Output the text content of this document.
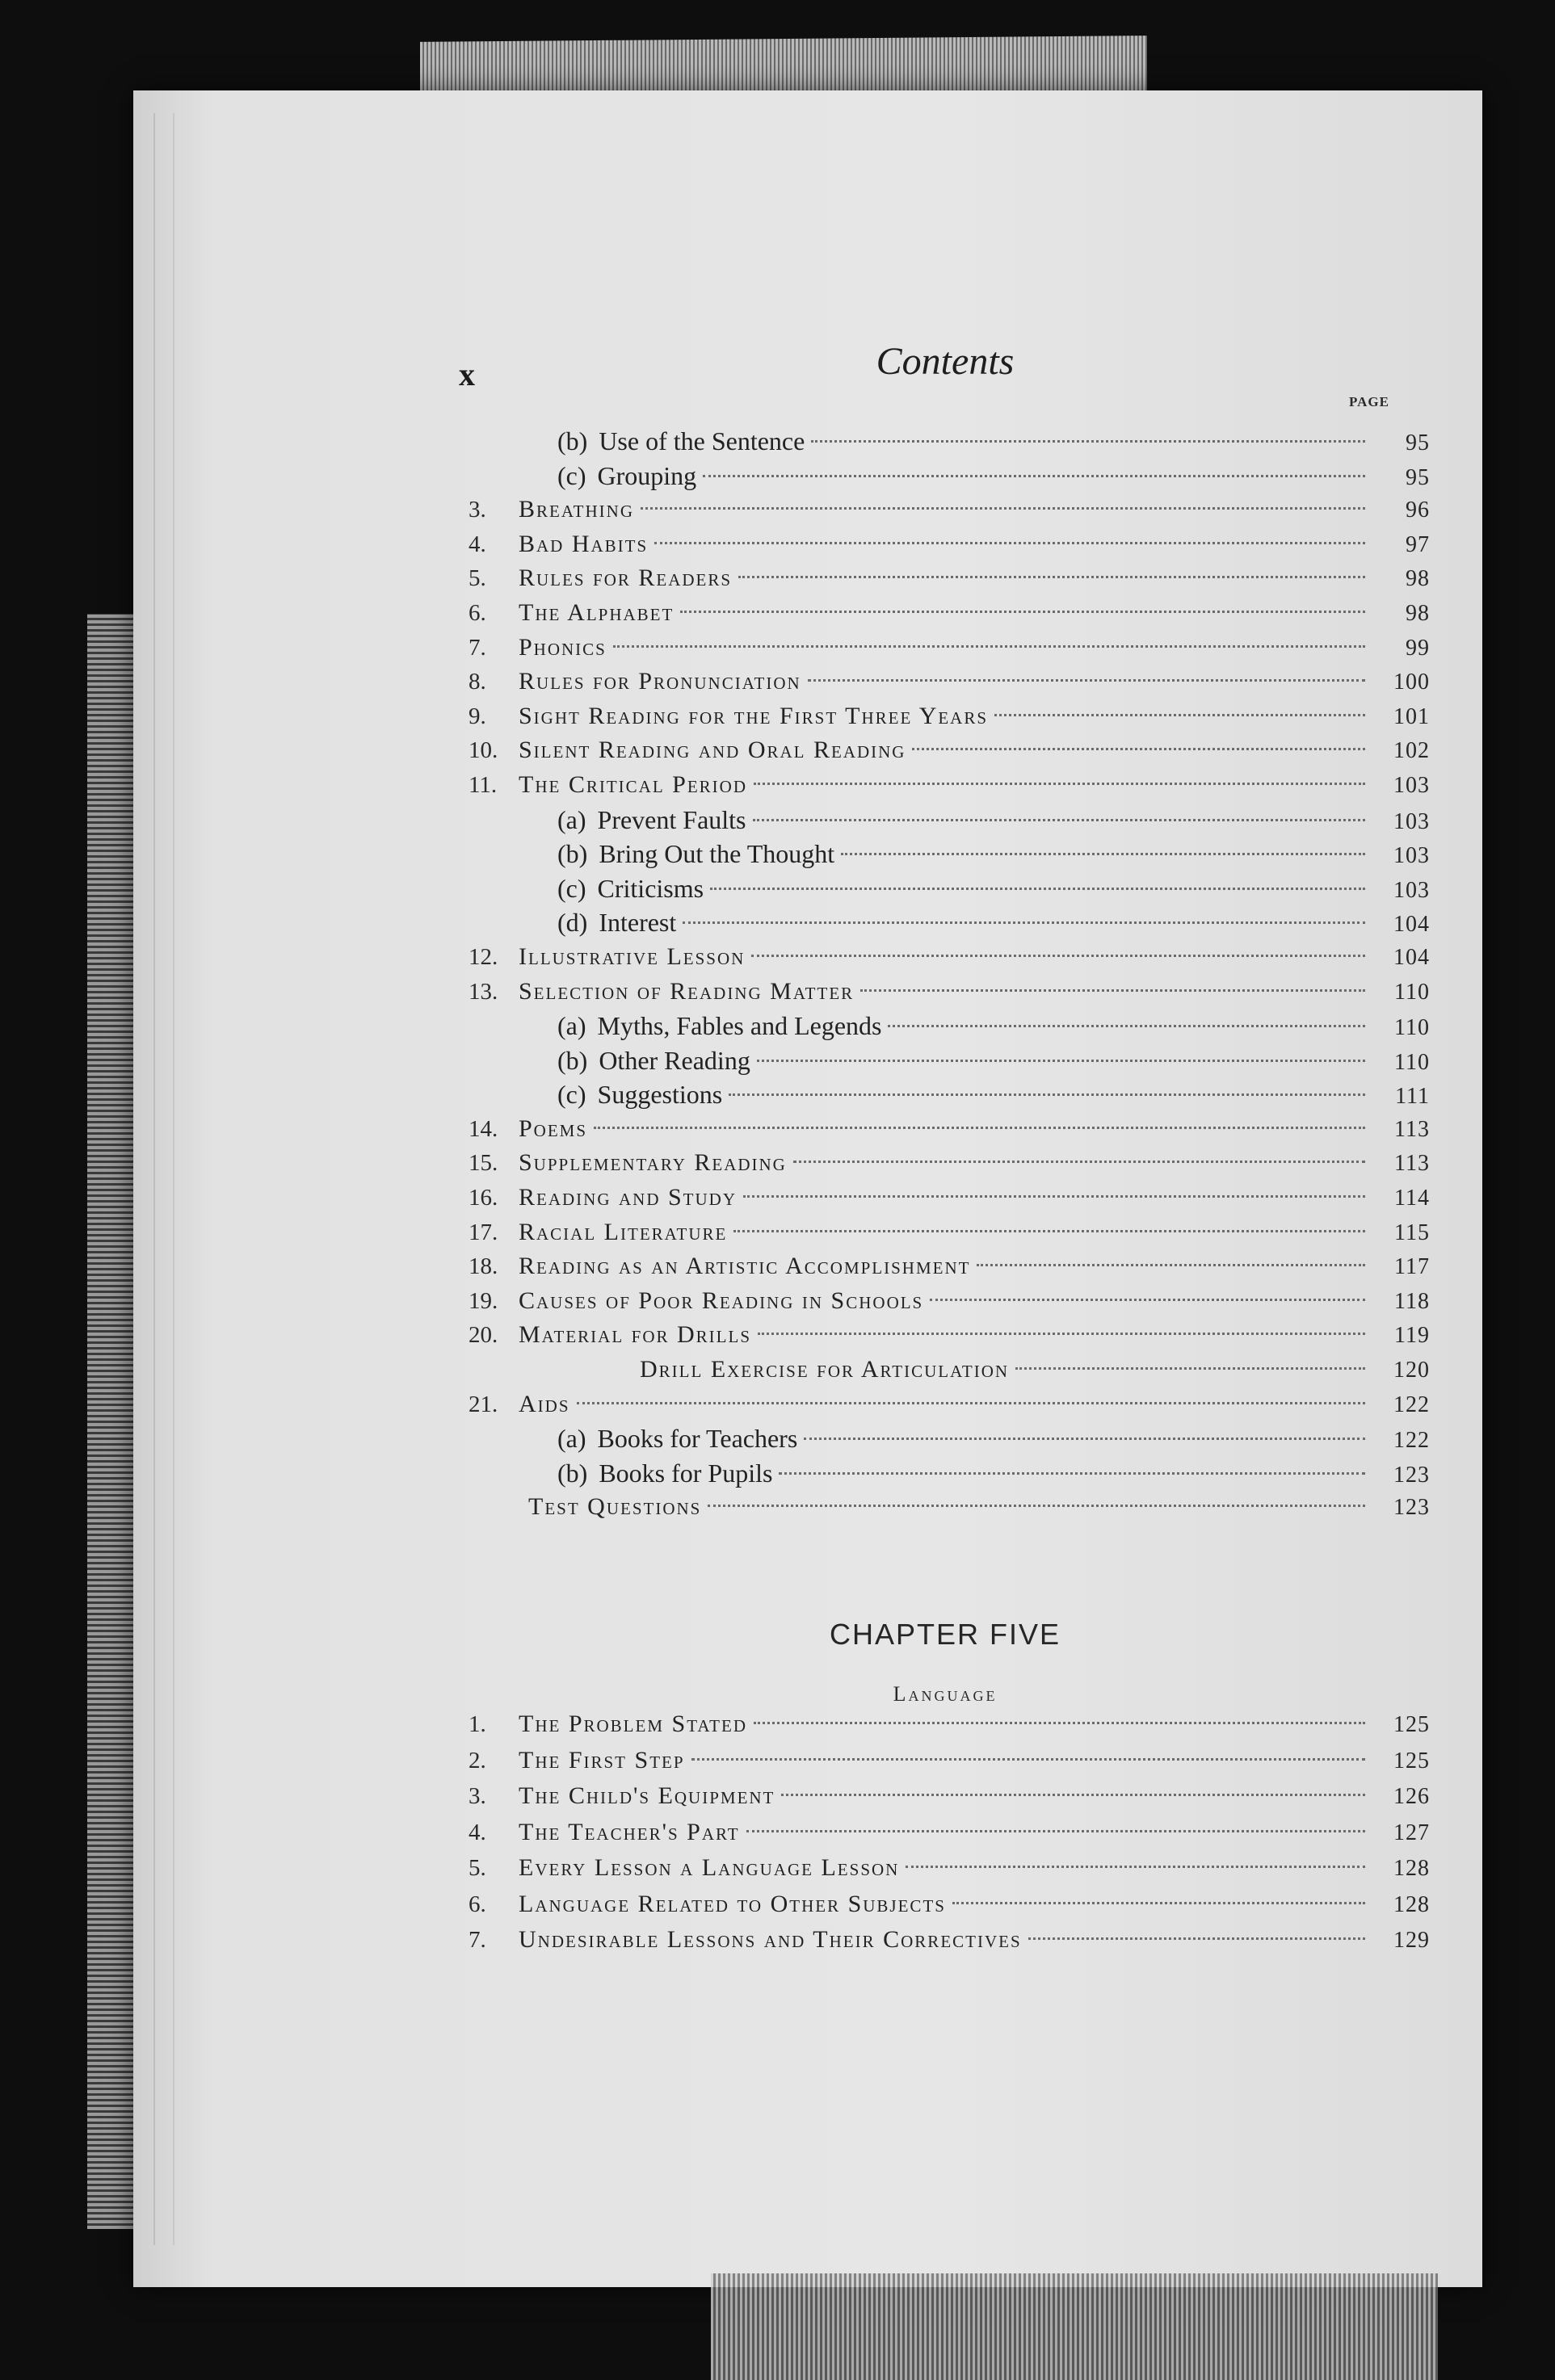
x	Contents
PAGE
(b) Use of the Sentence	95
(c) Grouping	95
3.	Breathing	96
4.	Bad Habits	97
5.	Rules for Readers	98
6.	The Alphabet	98
7.	Phonics	99
8.	Rules for Pronunciation	100
9.	Sight Reading for the First Three Years	101
10. Silent Reading and Oral Reading	102
11. The Critical Period	103
(a) Prevent Faults	103
(b) Bring Out the Thought	103
(c) Criticisms	103
(d) Interest	104
12. Illustrative Lesson	104
13. Selection of Reading Matter	110
(a) Myths, Fables and Legends	110
(b) Other Reading	110
(c) Suggestions	111
14. Poems	113
15. Supplementary Reading	113
16. Reading and Study	114
17. Racial Literature	115
18. Reading as an Artistic Accomplishment	117
19. Causes of Poor Reading in Schools	118
20. Material for Drills	119
Drill Exercise for Articulation	120
21. Aids	122
(a) Books for Teachers	122
(b) Books for Pupils	123
Test Questions	123
CHAPTER FIVE
Language
1.	The Problem Stated	125
2.	The First Step	125
3.	The Child's Equipment	126
4.	The Teacher's Part	127
5.	Every Lesson a Language Lesson	128
6.	Language Related to Other Subjects	128
7.	Undesirable Lessons and Their Correctives	129
